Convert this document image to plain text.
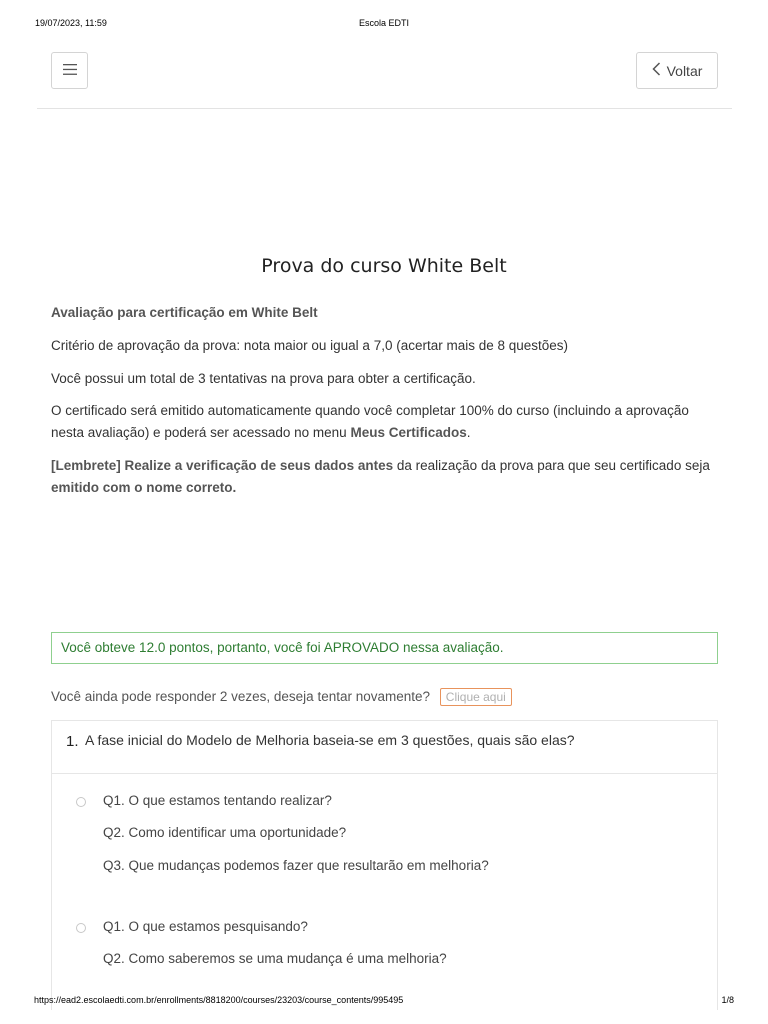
19/07/2023, 11:59	Escola EDTI
Voltar
Prova do curso White Belt
Avaliação para certificação em White Belt
Critério de aprovação da prova: nota maior ou igual a 7,0 (acertar mais de 8 questões)
Você possui um total de 3 tentativas na prova para obter a certificação.
O certificado será emitido automaticamente quando você completar 100% do curso (incluindo a aprovação nesta avaliação) e poderá ser acessado no menu Meus Certificados.
[Lembrete] Realize a verificação de seus dados antes da realização da prova para que seu certificado seja emitido com o nome correto.
Você obteve 12.0 pontos, portanto, você foi APROVADO nessa avaliação.
Você ainda pode responder 2 vezes, deseja tentar novamente? Clique aqui
1. A fase inicial do Modelo de Melhoria baseia-se em 3 questões, quais são elas?
Q1. O que estamos tentando realizar?
Q2. Como identificar uma oportunidade?
Q3. Que mudanças podemos fazer que resultarão em melhoria?
Q1. O que estamos pesquisando?
Q2. Como saberemos se uma mudança é uma melhoria?
https://ead2.escolaedti.com.br/enrollments/8818200/courses/23203/course_contents/995495	1/8
